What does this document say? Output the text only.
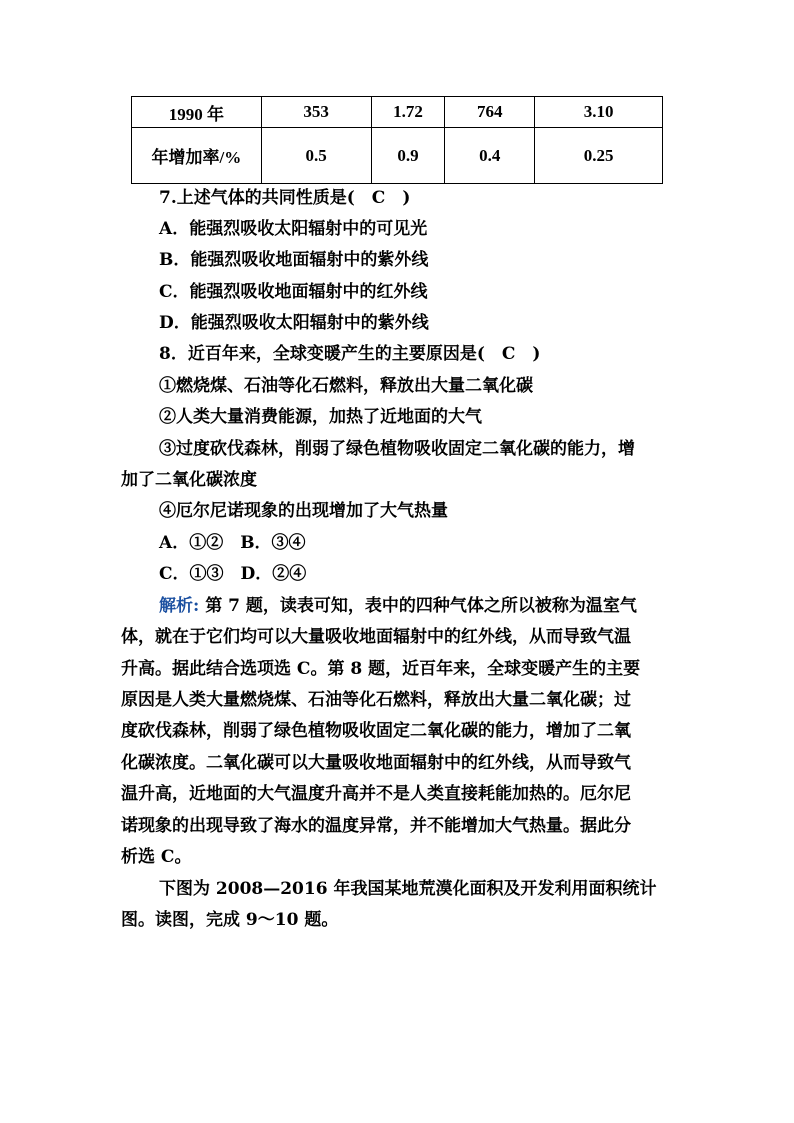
1990 年	353	1.72	764	3.10
年增加率/%	0.5	0.9	0.4	0.25

7.上述气体的共同性质是(　C　)

A．能强烈吸收太阳辐射中的可见光

B．能强烈吸收地面辐射中的紫外线

C．能强烈吸收地面辐射中的红外线

D．能强烈吸收太阳辐射中的紫外线

8．近百年来，全球变暖产生的主要原因是(　C　)

①燃烧煤、石油等化石燃料，释放出大量二氧化碳

②人类大量消费能源，加热了近地面的大气

③过度砍伐森林，削弱了绿色植物吸收固定二氧化碳的能力，增

加了二氧化碳浓度

④厄尔尼诺现象的出现增加了大气热量

A．①②　B．③④

C．①③　D．②④

解析: 第 7 题，读表可知，表中的四种气体之所以被称为温室气

体，就在于它们均可以大量吸收地面辐射中的红外线，从而导致气温

升高。据此结合选项选 C。第 8 题，近百年来，全球变暖产生的主要

原因是人类大量燃烧煤、石油等化石燃料，释放出大量二氧化碳；过

度砍伐森林，削弱了绿色植物吸收固定二氧化碳的能力，增加了二氧

化碳浓度。二氧化碳可以大量吸收地面辐射中的红外线，从而导致气

温升高，近地面的大气温度升高并不是人类直接耗能加热的。厄尔尼

诺现象的出现导致了海水的温度异常，并不能增加大气热量。据此分

析选 C。

下图为 2008—2016 年我国某地荒漠化面积及开发利用面积统计

图。读图，完成 9～10 题。
